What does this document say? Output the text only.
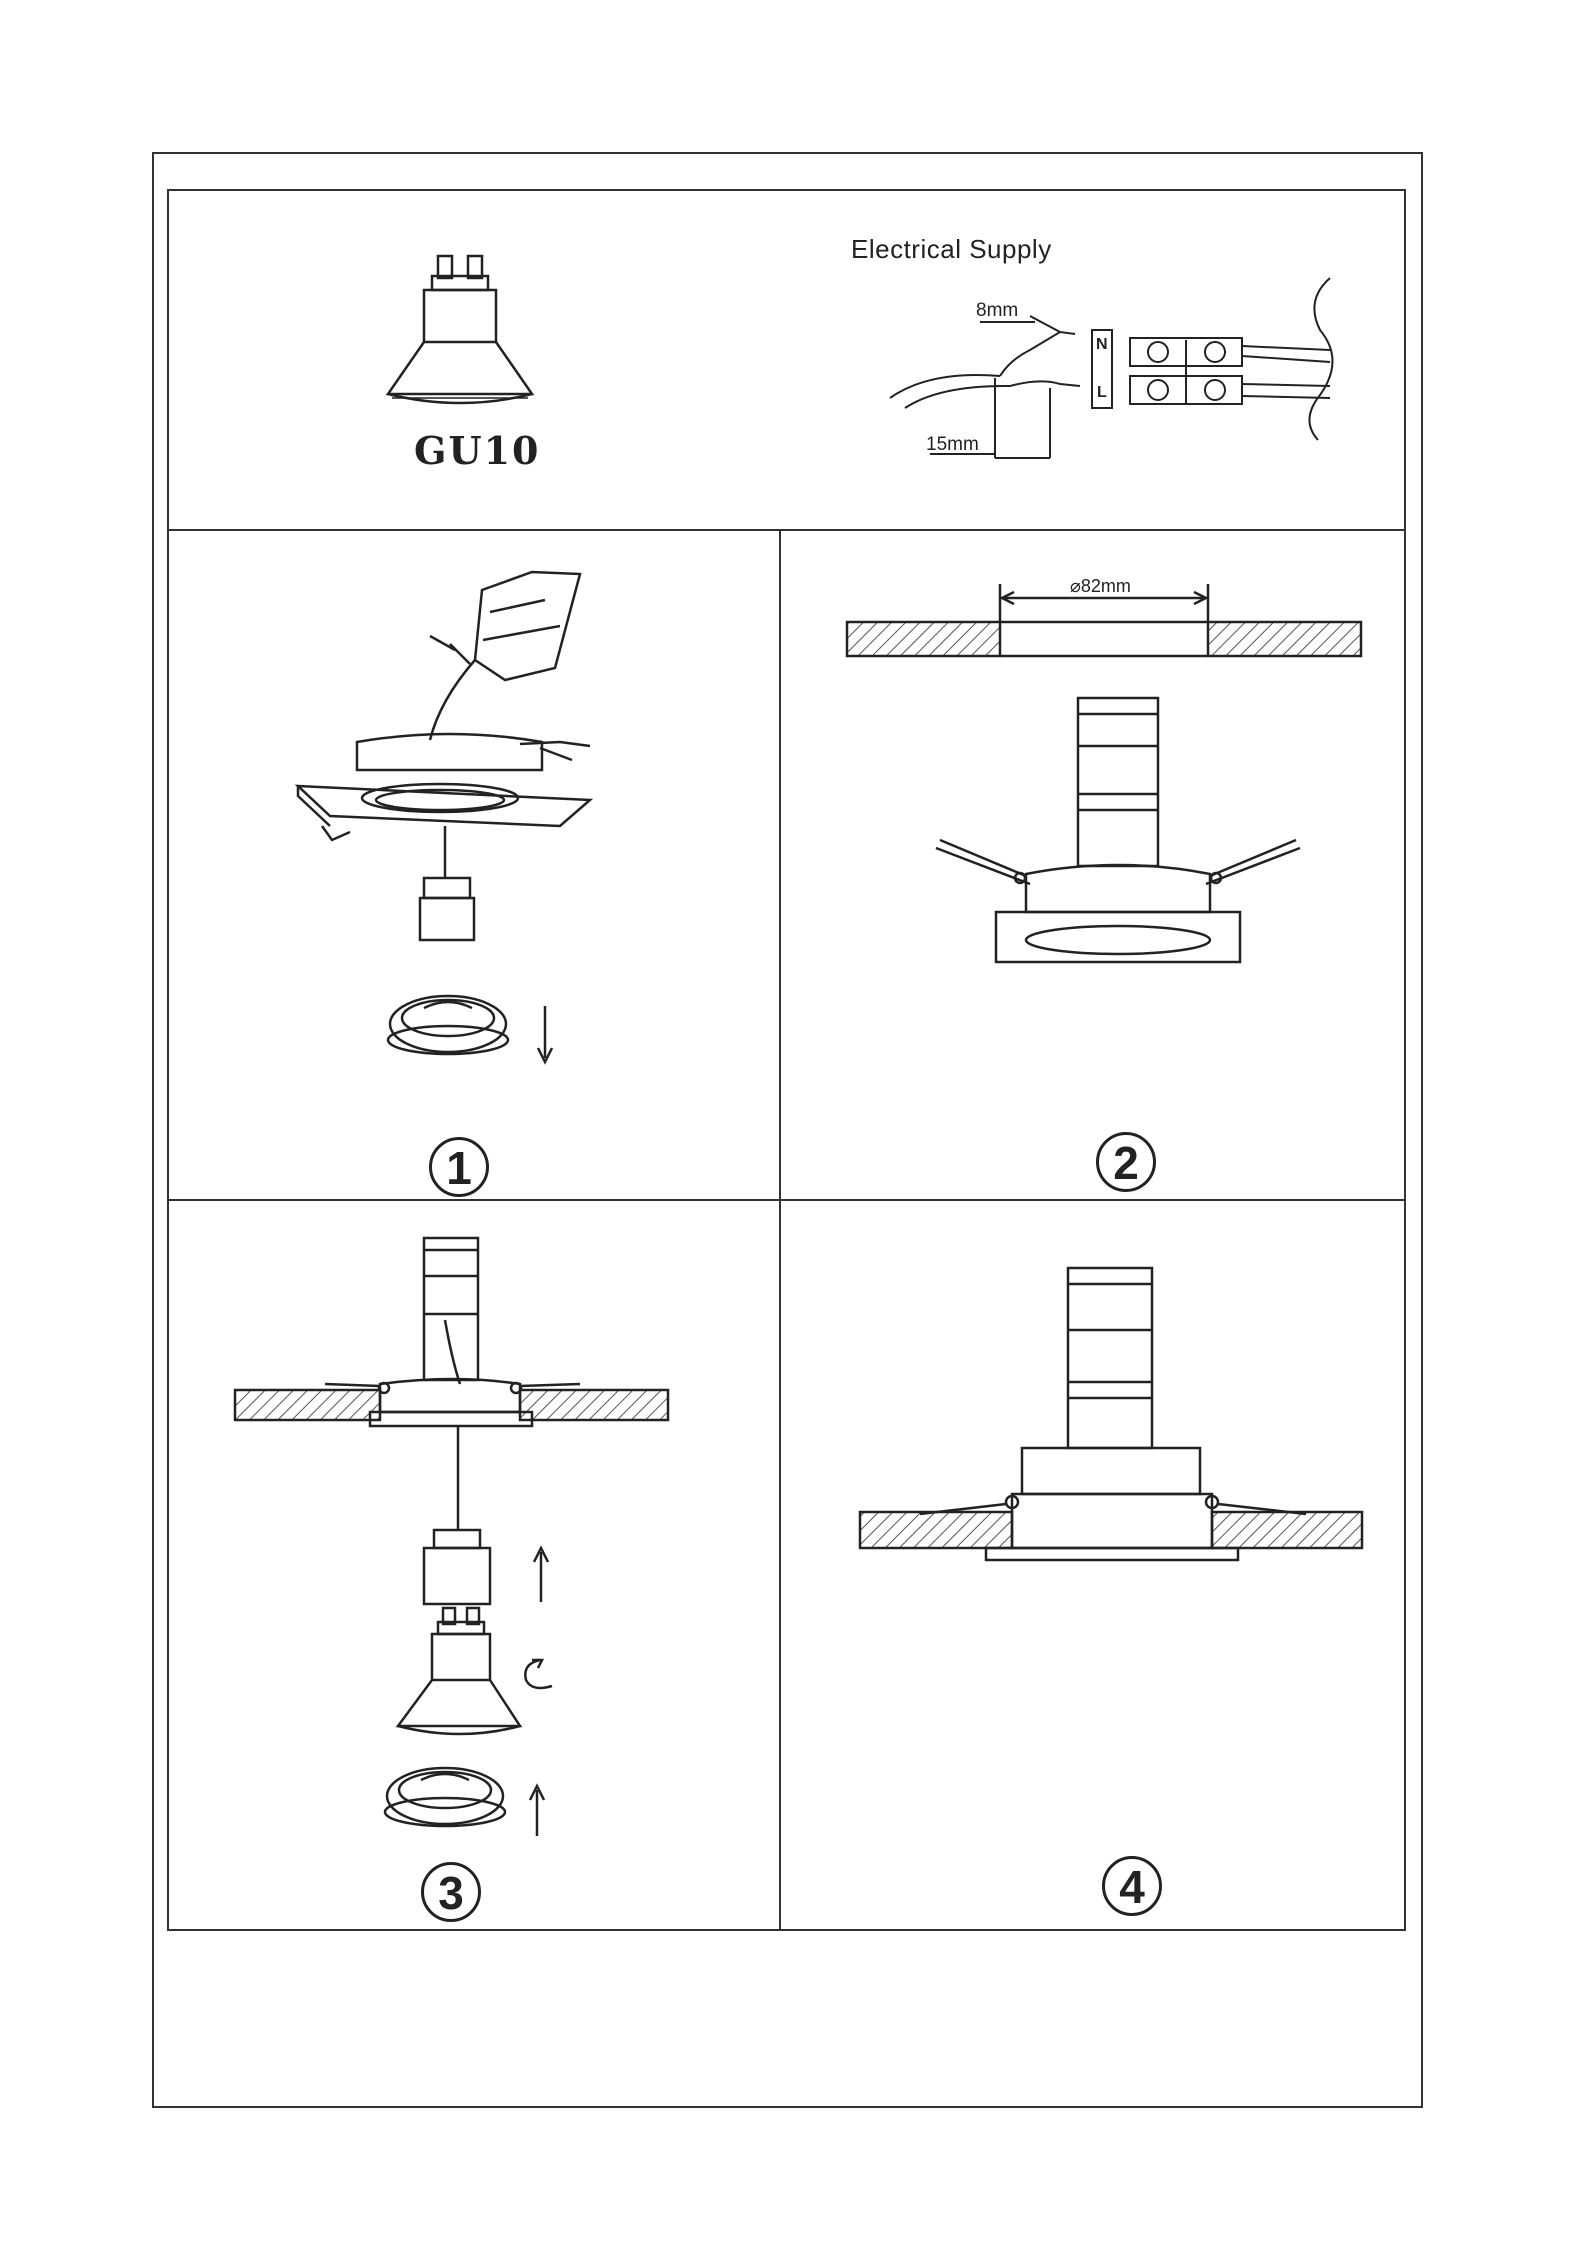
GU10
Electrical Supply
8mm
15mm
N
L
⌀82mm
1	2
3	4
